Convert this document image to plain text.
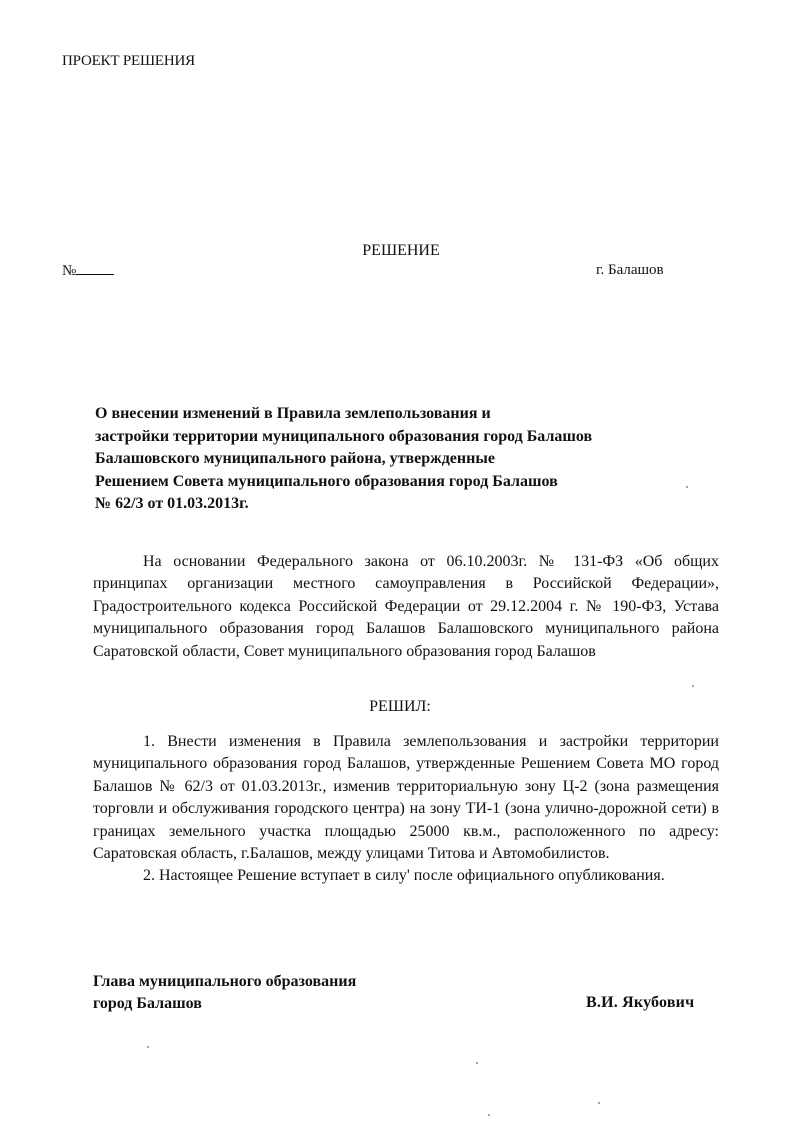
ПРОЕКТ РЕШЕНИЯ
РЕШЕНИЕ
№	г. Балашов
О внесении изменений в Правила землепользования и
застройки территории муниципального образования город Балашов
Балашовского муниципального района, утвержденные
Решением Совета муниципального образования город Балашов
№ 62/3 от 01.03.2013г.

На основании Федерального закона от 06.10.2003г. № 131-ФЗ «Об общих принципах организации местного самоуправления в Российской Федерации», Градостроительного кодекса Российской Федерации от 29.12.2004 г. № 190-ФЗ, Устава муниципального образования город Балашов Балашовского муниципального района Саратовской области, Совет муниципального образования город Балашов

РЕШИЛ:

1. Внести изменения в Правила землепользования и застройки территории муниципального образования город Балашов, утвержденные Решением Совета МО город Балашов № 62/3 от 01.03.2013г., изменив территориальную зону Ц-2 (зона размещения торговли и обслуживания городского центра) на зону ТИ-1 (зона улично-дорожной сети) в границах земельного участка площадью 25000 кв.м., расположенного по адресу: Саратовская область, г.Балашов, между улицами Титова и Автомобилистов.

2. Настоящее Решение вступает в силу' после официального опубликования.

Глава муниципального образования
город Балашов	В.И. Якубович
